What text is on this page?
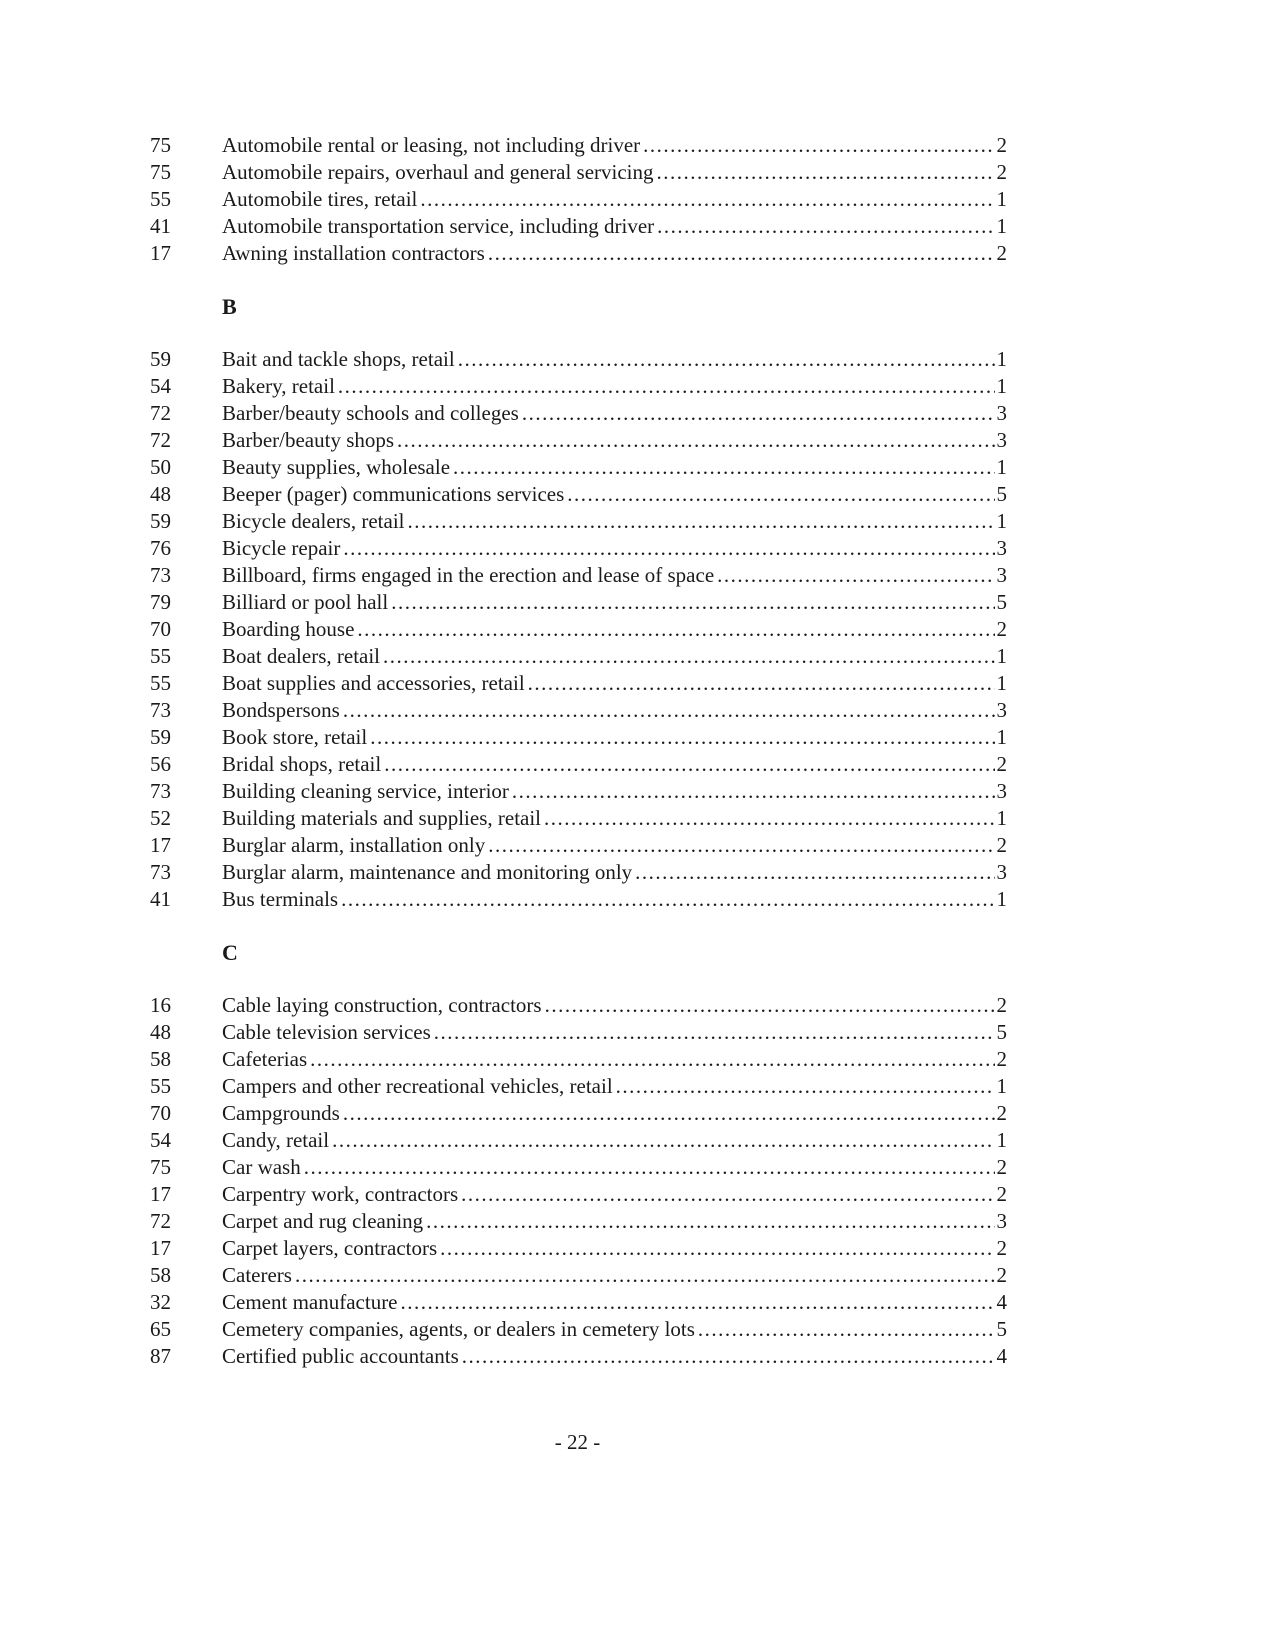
75	Automobile rental or leasing, not including driver .....	2
75	Automobile repairs, overhaul and general servicing .....	2
55	Automobile tires, retail .....	1
41	Automobile transportation service, including driver .....	1
17	Awning installation contractors .....	2
B
59	Bait and tackle shops, retail .....	1
54	Bakery, retail .....	1
72	Barber/beauty schools and colleges .....	3
72	Barber/beauty shops .....	3
50	Beauty supplies, wholesale .....	1
48	Beeper (pager) communications services .....	5
59	Bicycle dealers, retail .....	1
76	Bicycle repair .....	3
73	Billboard, firms engaged in the erection and lease of space .....	3
79	Billiard or pool hall .....	5
70	Boarding house .....	2
55	Boat dealers, retail .....	1
55	Boat supplies and accessories, retail .....	1
73	Bondspersons .....	3
59	Book store, retail .....	1
56	Bridal shops, retail .....	2
73	Building cleaning service, interior .....	3
52	Building materials and supplies, retail .....	1
17	Burglar alarm, installation only .....	2
73	Burglar alarm, maintenance and monitoring only .....	3
41	Bus terminals .....	1
C
16	Cable laying construction, contractors .....	2
48	Cable television services .....	5
58	Cafeterias .....	2
55	Campers and other recreational vehicles, retail .....	1
70	Campgrounds .....	2
54	Candy, retail .....	1
75	Car wash .....	2
17	Carpentry work, contractors .....	2
72	Carpet and rug cleaning .....	3
17	Carpet layers, contractors .....	2
58	Caterers .....	2
32	Cement manufacture .....	4
65	Cemetery companies, agents, or dealers in cemetery lots .....	5
87	Certified public accountants .....	4
- 22 -
